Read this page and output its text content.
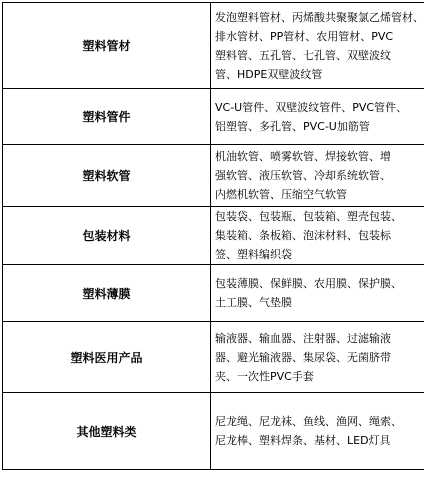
塑料管材	发泡塑料管材、丙烯酸共聚聚氯乙烯管材、
排水管材、PP管材、农用管材、PVC
塑料管、五孔管、七孔管、双壁波纹
管、HDPE双壁波纹管

塑料管件	VC-U管件、双壁波纹管件、PVC管件、
铝塑管、多孔管、PVC-U加筋管

塑料软管	机油软管、喷雾软管、焊接软管、增
强软管、液压软管、冷却系统软管、
内燃机软管、压缩空气软管

包装材料	包装袋、包装瓶、包装箱、塑壳包装、
集装箱、条板箱、泡沫材料、包装标
签、塑料编织袋

塑料薄膜	包装薄膜、保鲜膜、农用膜、保护膜、
土工膜、气垫膜

塑料医用产品	输液器、输血器、注射器、过滤输液
器、避光输液器、集尿袋、无菌脐带
夹、一次性PVC手套

其他塑料类	尼龙绳、尼龙袜、鱼线、渔网、绳索、
尼龙棒、塑料焊条、基材、LED灯具
